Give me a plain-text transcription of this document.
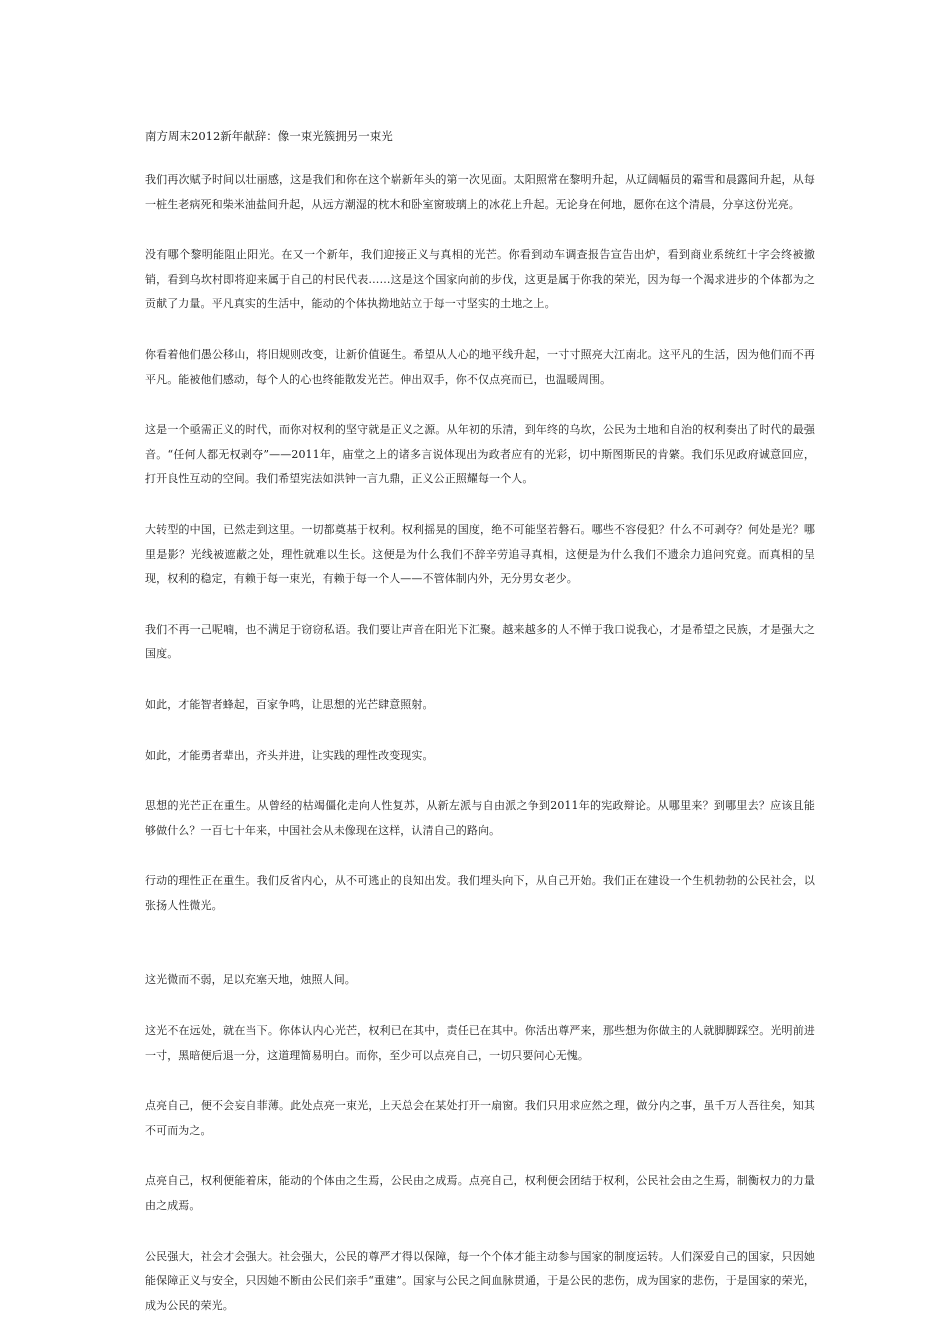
南方周末2012新年献辞：像一束光簇拥另一束光

我们再次赋予时间以壮丽感，这是我们和你在这个崭新年头的第一次见面。太阳照常在黎明升起，从辽阔幅员的霜雪和晨露间升起，从每一桩生老病死和柴米油盐间升起，从远方潮湿的枕木和卧室窗玻璃上的冰花上升起。无论身在何地，愿你在这个清晨，分享这份光亮。

没有哪个黎明能阻止阳光。在又一个新年，我们迎接正义与真相的光芒。你看到动车调查报告宣告出炉，看到商业系统红十字会终被撤销，看到乌坎村即将迎来属于自己的村民代表……这是这个国家向前的步伐，这更是属于你我的荣光，因为每一个渴求进步的个体都为之贡献了力量。平凡真实的生活中，能动的个体执拗地站立于每一寸坚实的土地之上。

你看着他们愚公移山，将旧规则改变，让新价值诞生。希望从人心的地平线升起，一寸寸照亮大江南北。这平凡的生活，因为他们而不再平凡。能被他们感动，每个人的心也终能散发光芒。伸出双手，你不仅点亮而已，也温暖周围。

这是一个亟需正义的时代，而你对权利的坚守就是正义之源。从年初的乐清，到年终的乌坎，公民为土地和自治的权利奏出了时代的最强音。“任何人都无权剥夺”——2011年，庙堂之上的诸多言说体现出为政者应有的光彩，切中斯图斯民的肯綮。我们乐见政府诚意回应，打开良性互动的空间。我们希望宪法如洪钟一言九鼎，正义公正照耀每一个人。

大转型的中国，已然走到这里。一切都奠基于权利。权利摇晃的国度，绝不可能坚若磐石。哪些不容侵犯？什么不可剥夺？何处是光？哪里是影？光线被遮蔽之处，理性就难以生长。这便是为什么我们不辞辛劳追寻真相，这便是为什么我们不遗余力追问究竟。而真相的呈现，权利的稳定，有赖于每一束光，有赖于每一个人——不管体制内外，无分男女老少。

我们不再一己呢喃，也不满足于窃窃私语。我们要让声音在阳光下汇聚。越来越多的人不惮于我口说我心，才是希望之民族，才是强大之国度。

如此，才能智者蜂起，百家争鸣，让思想的光芒肆意照射。

如此，才能勇者辈出，齐头并进，让实践的理性改变现实。

思想的光芒正在重生。从曾经的枯竭僵化走向人性复苏，从新左派与自由派之争到2011年的宪政辩论。从哪里来？到哪里去？应该且能够做什么？一百七十年来，中国社会从未像现在这样，认清自己的路向。

行动的理性正在重生。我们反省内心，从不可逃止的良知出发。我们埋头向下，从自己开始。我们正在建设一个生机勃勃的公民社会，以张扬人性微光。

这光微而不弱，足以充塞天地，烛照人间。

这光不在远处，就在当下。你体认内心光芒，权利已在其中，责任已在其中。你活出尊严来，那些想为你做主的人就脚脚踩空。光明前进一寸，黑暗便后退一分，这道理简易明白。而你，至少可以点亮自己，一切只要问心无愧。

点亮自己，便不会妄自菲薄。此处点亮一束光，上天总会在某处打开一扇窗。我们只用求应然之理，做分内之事，虽千万人吾往矣，知其不可而为之。

点亮自己，权利便能着床，能动的个体由之生焉，公民由之成焉。点亮自己，权利便会团结于权利，公民社会由之生焉，制衡权力的力量由之成焉。

公民强大，社会才会强大。社会强大，公民的尊严才得以保障，每一个个体才能主动参与国家的制度运转。人们深爱自己的国家，只因她能保障正义与安全，只因她不断由公民们亲手“重建”。国家与公民之间血脉贯通，于是公民的悲伤，成为国家的悲伤，于是国家的荣光，成为公民的荣光。
